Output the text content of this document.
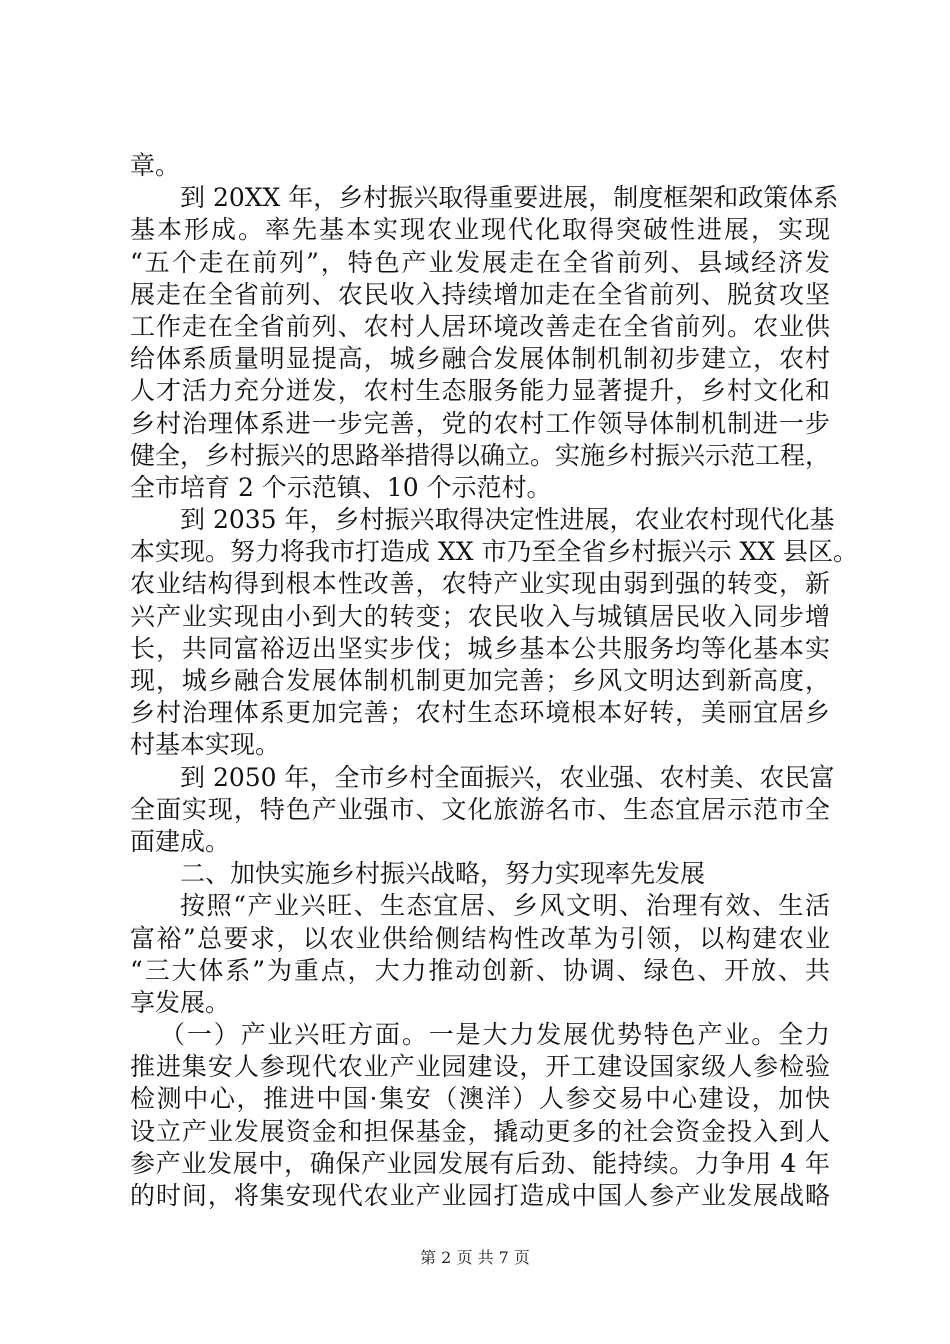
章。
到 20XX 年，乡村振兴取得重要进展，制度框架和政策体系
基本形成。率先基本实现农业现代化取得突破性进展，实现
“五个走在前列”，特色产业发展走在全省前列、县域经济发
展走在全省前列、农民收入持续增加走在全省前列、脱贫攻坚
工作走在全省前列、农村人居环境改善走在全省前列。农业供
给体系质量明显提高，城乡融合发展体制机制初步建立，农村
人才活力充分迸发，农村生态服务能力显著提升，乡村文化和
乡村治理体系进一步完善，党的农村工作领导体制机制进一步
健全，乡村振兴的思路举措得以确立。实施乡村振兴示范工程，
全市培育 2 个示范镇、10 个示范村。
到 2035 年，乡村振兴取得决定性进展，农业农村现代化基
本实现。努力将我市打造成 XX 市乃至全省乡村振兴示 XX 县区。
农业结构得到根本性改善，农特产业实现由弱到强的转变，新
兴产业实现由小到大的转变；农民收入与城镇居民收入同步增
长，共同富裕迈出坚实步伐；城乡基本公共服务均等化基本实
现，城乡融合发展体制机制更加完善；乡风文明达到新高度，
乡村治理体系更加完善；农村生态环境根本好转，美丽宜居乡
村基本实现。
到 2050 年，全市乡村全面振兴，农业强、农村美、农民富
全面实现，特色产业强市、文化旅游名市、生态宜居示范市全
面建成。
二、加快实施乡村振兴战略，努力实现率先发展
按照“产业兴旺、生态宜居、乡风文明、治理有效、生活
富裕”总要求，以农业供给侧结构性改革为引领，以构建农业
“三大体系”为重点，大力推动创新、协调、绿色、开放、共
享发展。
（一）产业兴旺方面。一是大力发展优势特色产业。全力
推进集安人参现代农业产业园建设，开工建设国家级人参检验
检测中心，推进中国·集安（澳洋）人参交易中心建设，加快
设立产业发展资金和担保基金，撬动更多的社会资金投入到人
参产业发展中，确保产业园发展有后劲、能持续。力争用 4 年
的时间，将集安现代农业产业园打造成中国人参产业发展战略
第 2 页 共 7 页
